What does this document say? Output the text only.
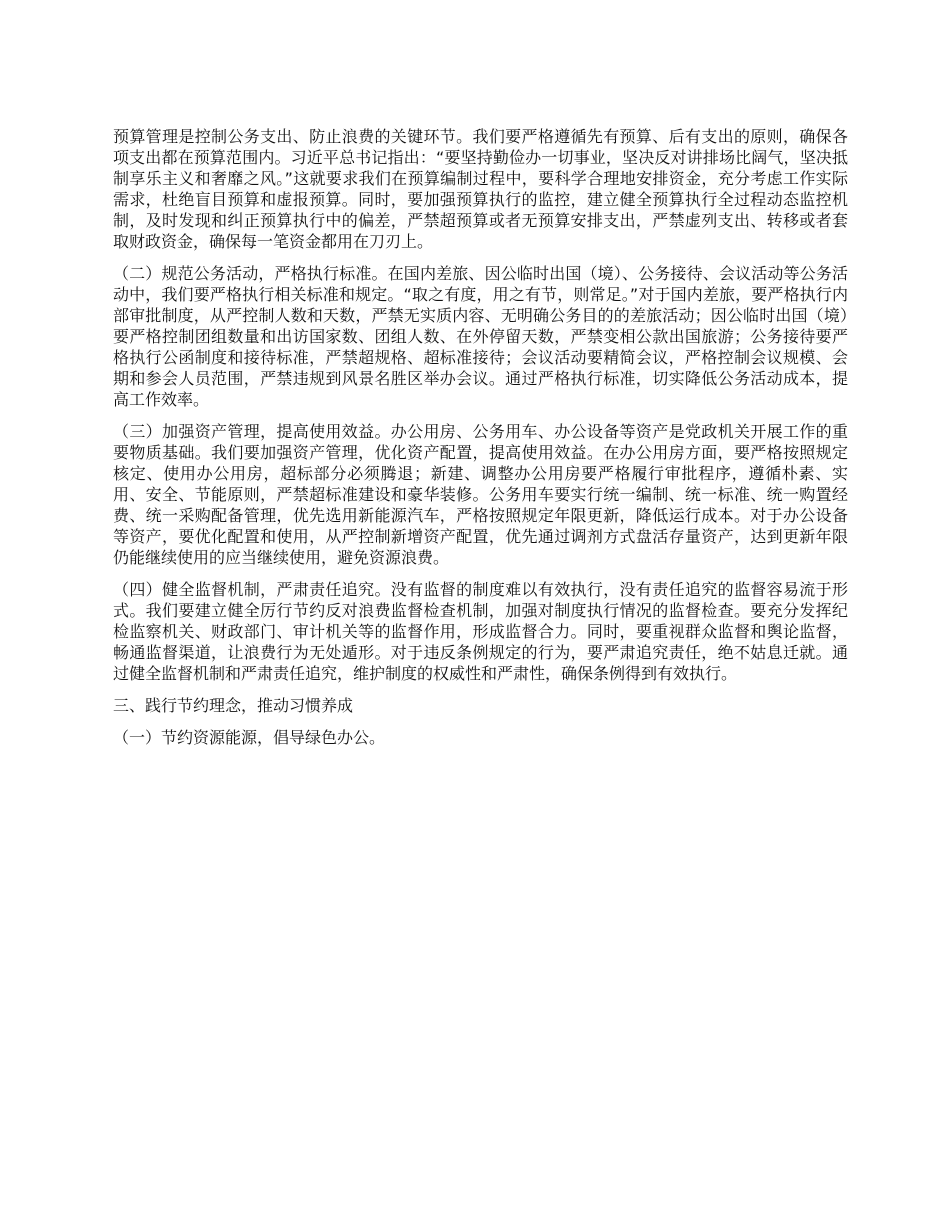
预算管理是控制公务支出、防止浪费的关键环节。我们要严格遵循先有预算、后有支出的原则，确保各项支出都在预算范围内。习近平总书记指出：“要坚持勤俭办一切事业，坚决反对讲排场比阔气，坚决抵制享乐主义和奢靡之风。”这就要求我们在预算编制过程中，要科学合理地安排资金，充分考虑工作实际需求，杜绝盲目预算和虚报预算。同时，要加强预算执行的监控，建立健全预算执行全过程动态监控机制，及时发现和纠正预算执行中的偏差，严禁超预算或者无预算安排支出，严禁虚列支出、转移或者套取财政资金，确保每一笔资金都用在刀刃上。

（二）规范公务活动，严格执行标准。在国内差旅、因公临时出国（境）、公务接待、会议活动等公务活动中，我们要严格执行相关标准和规定。“取之有度，用之有节，则常足。”对于国内差旅，要严格执行内部审批制度，从严控制人数和天数，严禁无实质内容、无明确公务目的的差旅活动；因公临时出国（境）要严格控制团组数量和出访国家数、团组人数、在外停留天数，严禁变相公款出国旅游；公务接待要严格执行公函制度和接待标准，严禁超规格、超标准接待；会议活动要精简会议，严格控制会议规模、会期和参会人员范围，严禁违规到风景名胜区举办会议。通过严格执行标准，切实降低公务活动成本，提高工作效率。

（三）加强资产管理，提高使用效益。办公用房、公务用车、办公设备等资产是党政机关开展工作的重要物质基础。我们要加强资产管理，优化资产配置，提高使用效益。在办公用房方面，要严格按照规定核定、使用办公用房，超标部分必须腾退；新建、调整办公用房要严格履行审批程序，遵循朴素、实用、安全、节能原则，严禁超标准建设和豪华装修。公务用车要实行统一编制、统一标准、统一购置经费、统一采购配备管理，优先选用新能源汽车，严格按照规定年限更新，降低运行成本。对于办公设备等资产，要优化配置和使用，从严控制新增资产配置，优先通过调剂方式盘活存量资产，达到更新年限仍能继续使用的应当继续使用，避免资源浪费。

（四）健全监督机制，严肃责任追究。没有监督的制度难以有效执行，没有责任追究的监督容易流于形式。我们要建立健全厉行节约反对浪费监督检查机制，加强对制度执行情况的监督检查。要充分发挥纪检监察机关、财政部门、审计机关等的监督作用，形成监督合力。同时，要重视群众监督和舆论监督，畅通监督渠道，让浪费行为无处遁形。对于违反条例规定的行为，要严肃追究责任，绝不姑息迁就。通过健全监督机制和严肃责任追究，维护制度的权威性和严肃性，确保条例得到有效执行。

三、践行节约理念，推动习惯养成

（一）节约资源能源，倡导绿色办公。
